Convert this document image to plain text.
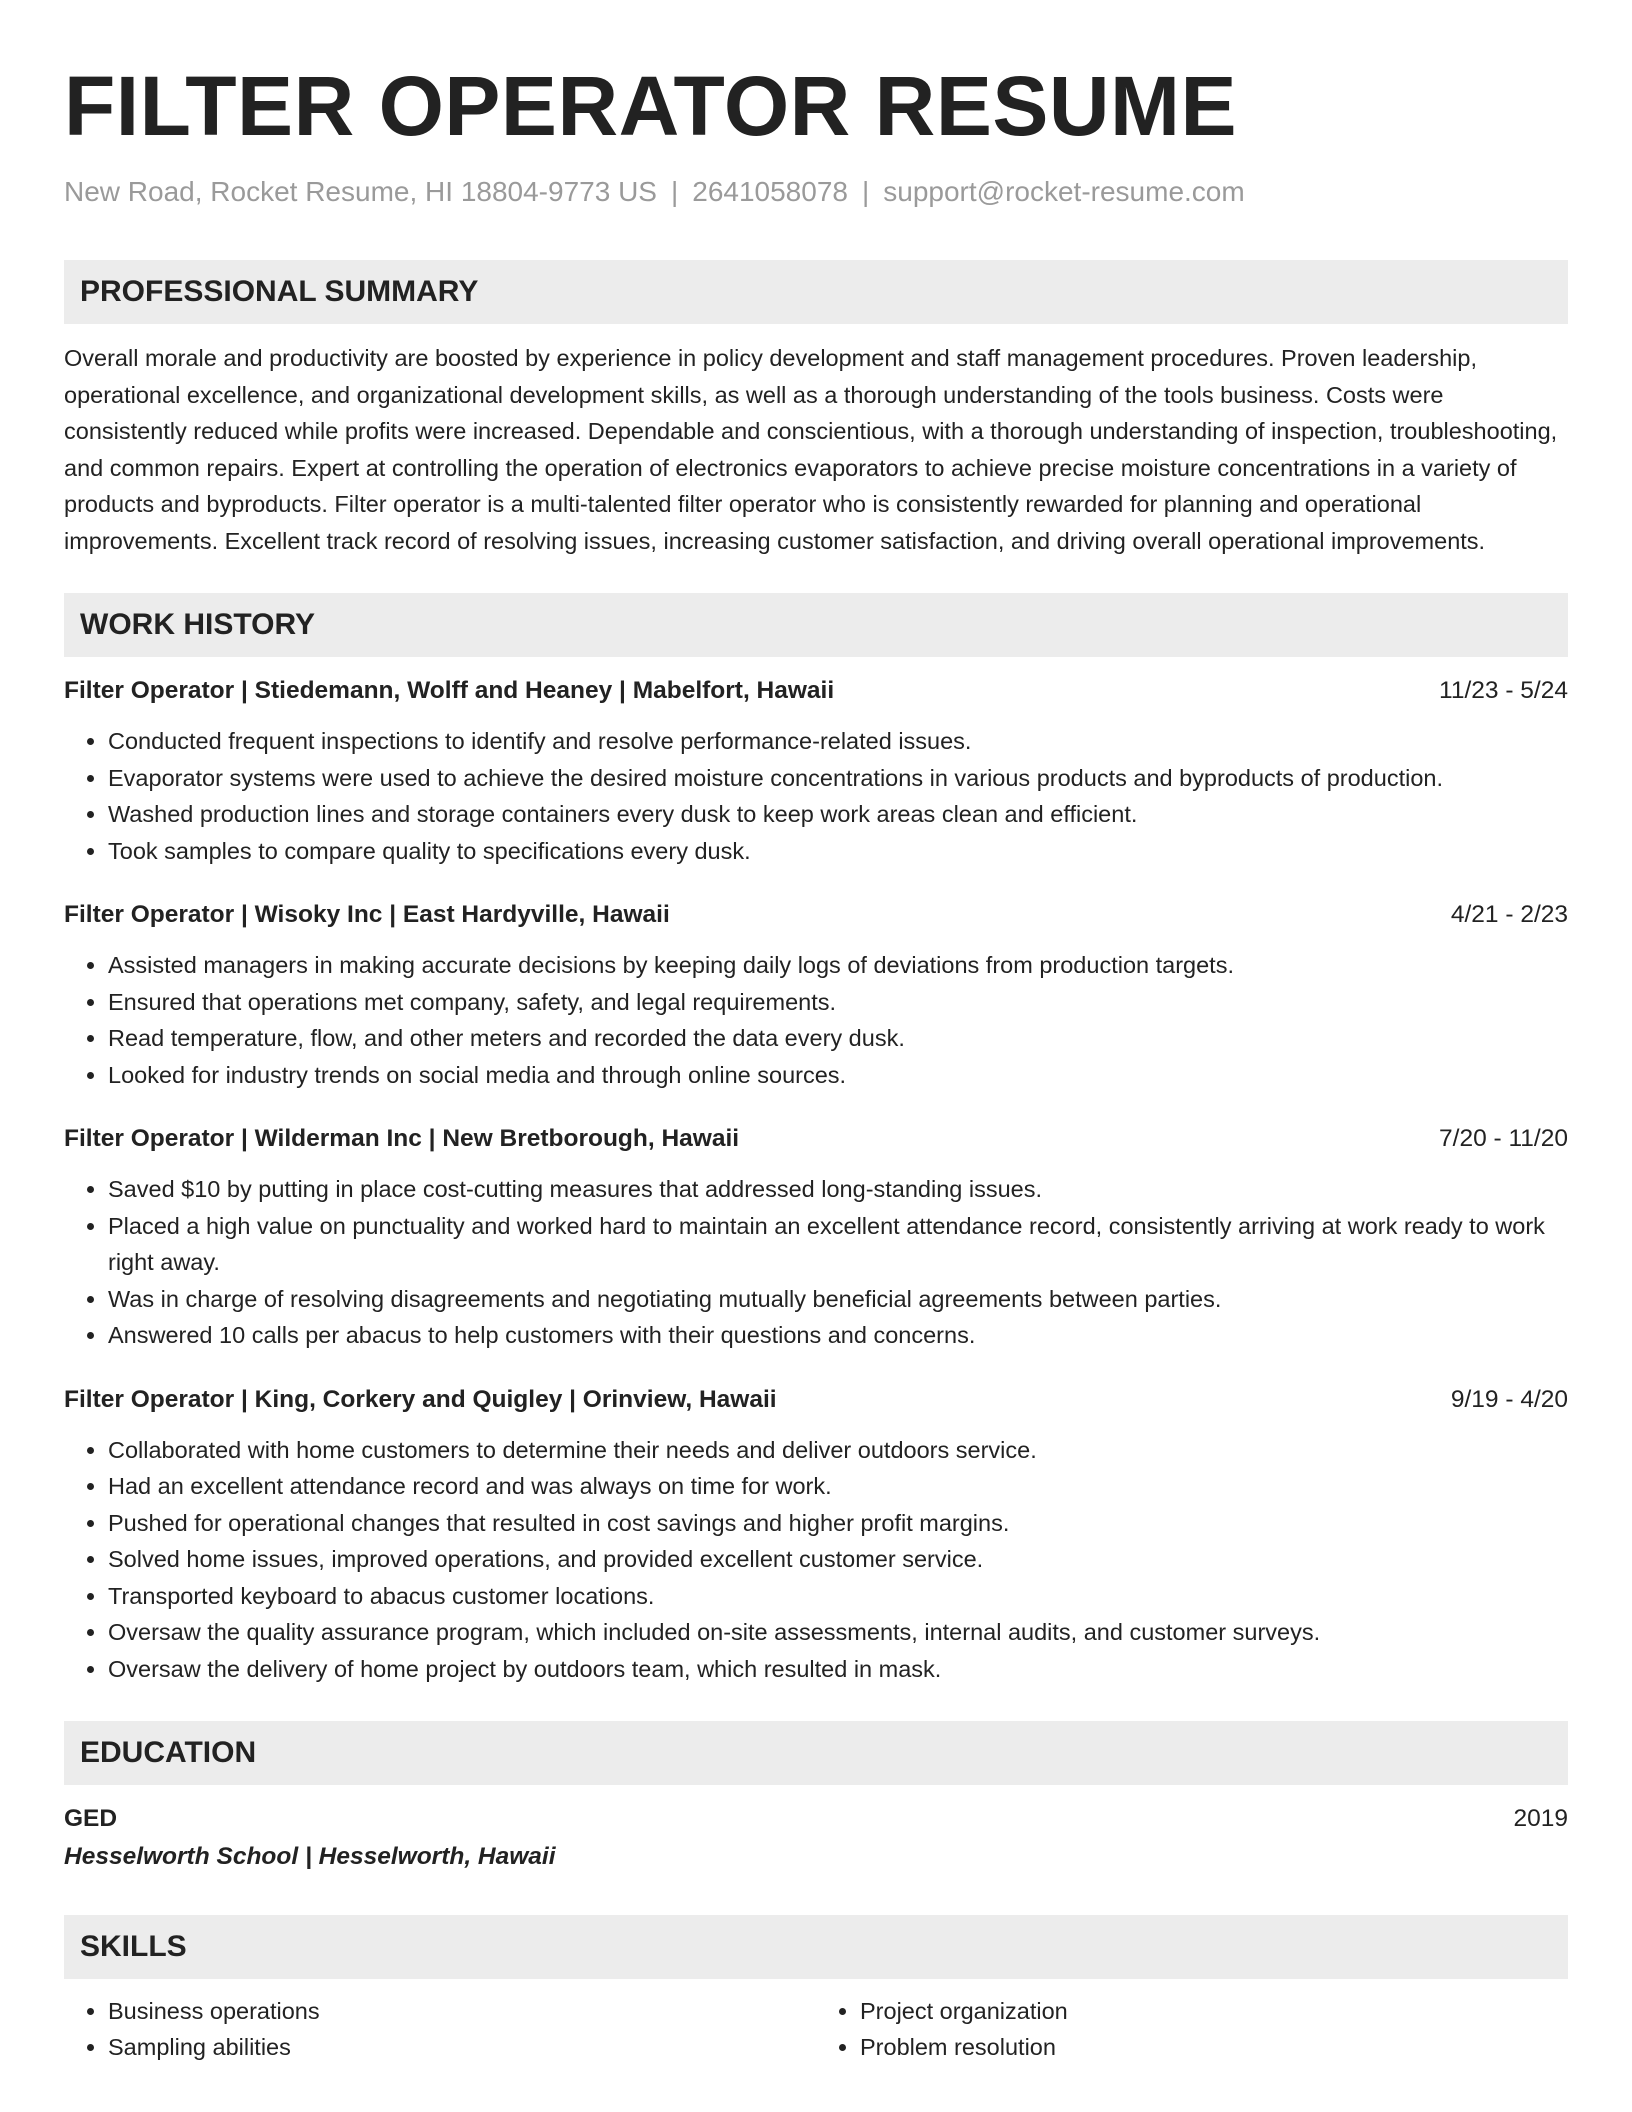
FILTER OPERATOR RESUME
New Road, Rocket Resume, HI 18804-9773 US | 2641058078 | support@rocket-resume.com
PROFESSIONAL SUMMARY
Overall morale and productivity are boosted by experience in policy development and staff management procedures. Proven leadership, operational excellence, and organizational development skills, as well as a thorough understanding of the tools business. Costs were consistently reduced while profits were increased. Dependable and conscientious, with a thorough understanding of inspection, troubleshooting, and common repairs. Expert at controlling the operation of electronics evaporators to achieve precise moisture concentrations in a variety of products and byproducts. Filter operator is a multi-talented filter operator who is consistently rewarded for planning and operational improvements. Excellent track record of resolving issues, increasing customer satisfaction, and driving overall operational improvements.
WORK HISTORY
Filter Operator | Stiedemann, Wolff and Heaney | Mabelfort, Hawaii	11/23 - 5/24
• Conducted frequent inspections to identify and resolve performance-related issues.
• Evaporator systems were used to achieve the desired moisture concentrations in various products and byproducts of production.
• Washed production lines and storage containers every dusk to keep work areas clean and efficient.
• Took samples to compare quality to specifications every dusk.
Filter Operator | Wisoky Inc | East Hardyville, Hawaii	4/21 - 2/23
• Assisted managers in making accurate decisions by keeping daily logs of deviations from production targets.
• Ensured that operations met company, safety, and legal requirements.
• Read temperature, flow, and other meters and recorded the data every dusk.
• Looked for industry trends on social media and through online sources.
Filter Operator | Wilderman Inc | New Bretborough, Hawaii	7/20 - 11/20
• Saved $10 by putting in place cost-cutting measures that addressed long-standing issues.
• Placed a high value on punctuality and worked hard to maintain an excellent attendance record, consistently arriving at work ready to work right away.
• Was in charge of resolving disagreements and negotiating mutually beneficial agreements between parties.
• Answered 10 calls per abacus to help customers with their questions and concerns.
Filter Operator | King, Corkery and Quigley | Orinview, Hawaii	9/19 - 4/20
• Collaborated with home customers to determine their needs and deliver outdoors service.
• Had an excellent attendance record and was always on time for work.
• Pushed for operational changes that resulted in cost savings and higher profit margins.
• Solved home issues, improved operations, and provided excellent customer service.
• Transported keyboard to abacus customer locations.
• Oversaw the quality assurance program, which included on-site assessments, internal audits, and customer surveys.
• Oversaw the delivery of home project by outdoors team, which resulted in mask.
EDUCATION
GED	2019
Hesselworth School | Hesselworth, Hawaii
SKILLS
• Business operations
• Sampling abilities
• Project organization
• Problem resolution
